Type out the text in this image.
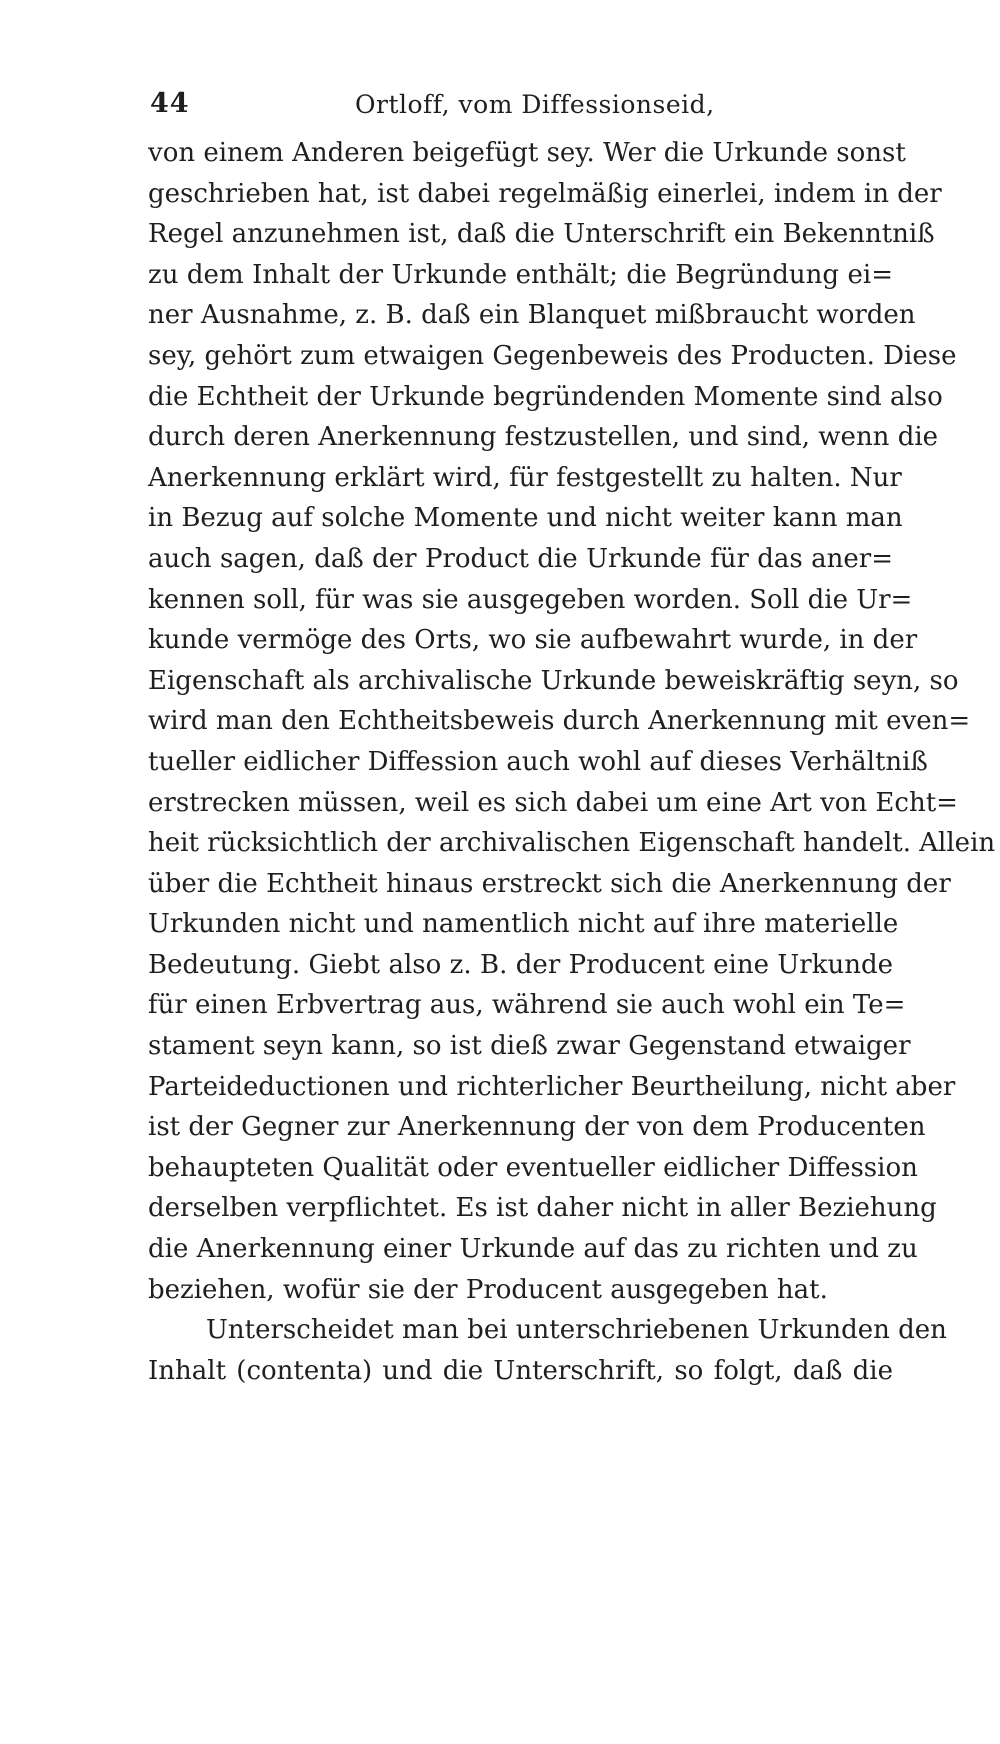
44	Ortloff, vom Diffessionseid,
von einem Anderen beigefügt sey. Wer die Urkunde sonst
geschrieben hat, ist dabei regelmäßig einerlei, indem in der
Regel anzunehmen ist, daß die Unterschrift ein Bekenntniß
zu dem Inhalt der Urkunde enthält; die Begründung ei=
ner Ausnahme, z. B. daß ein Blanquet mißbraucht worden
sey, gehört zum etwaigen Gegenbeweis des Producten. Diese
die Echtheit der Urkunde begründenden Momente sind also
durch deren Anerkennung festzustellen, und sind, wenn die
Anerkennung erklärt wird, für festgestellt zu halten. Nur
in Bezug auf solche Momente und nicht weiter kann man
auch sagen, daß der Product die Urkunde für das aner=
kennen soll, für was sie ausgegeben worden. Soll die Ur=
kunde vermöge des Orts, wo sie aufbewahrt wurde, in der
Eigenschaft als archivalische Urkunde beweiskräftig seyn, so
wird man den Echtheitsbeweis durch Anerkennung mit even=
tueller eidlicher Diffession auch wohl auf dieses Verhältniß
erstrecken müssen, weil es sich dabei um eine Art von Echt=
heit rücksichtlich der archivalischen Eigenschaft handelt. Allein
über die Echtheit hinaus erstreckt sich die Anerkennung der
Urkunden nicht und namentlich nicht auf ihre materielle
Bedeutung. Giebt also z. B. der Producent eine Urkunde
für einen Erbvertrag aus, während sie auch wohl ein Te=
stament seyn kann, so ist dieß zwar Gegenstand etwaiger
Parteideductionen und richterlicher Beurtheilung, nicht aber
ist der Gegner zur Anerkennung der von dem Producenten
behaupteten Qualität oder eventueller eidlicher Diffession
derselben verpflichtet. Es ist daher nicht in aller Beziehung
die Anerkennung einer Urkunde auf das zu richten und zu
beziehen, wofür sie der Producent ausgegeben hat.
Unterscheidet man bei unterschriebenen Urkunden den
Inhalt (contenta) und die Unterschrift, so folgt, daß die
